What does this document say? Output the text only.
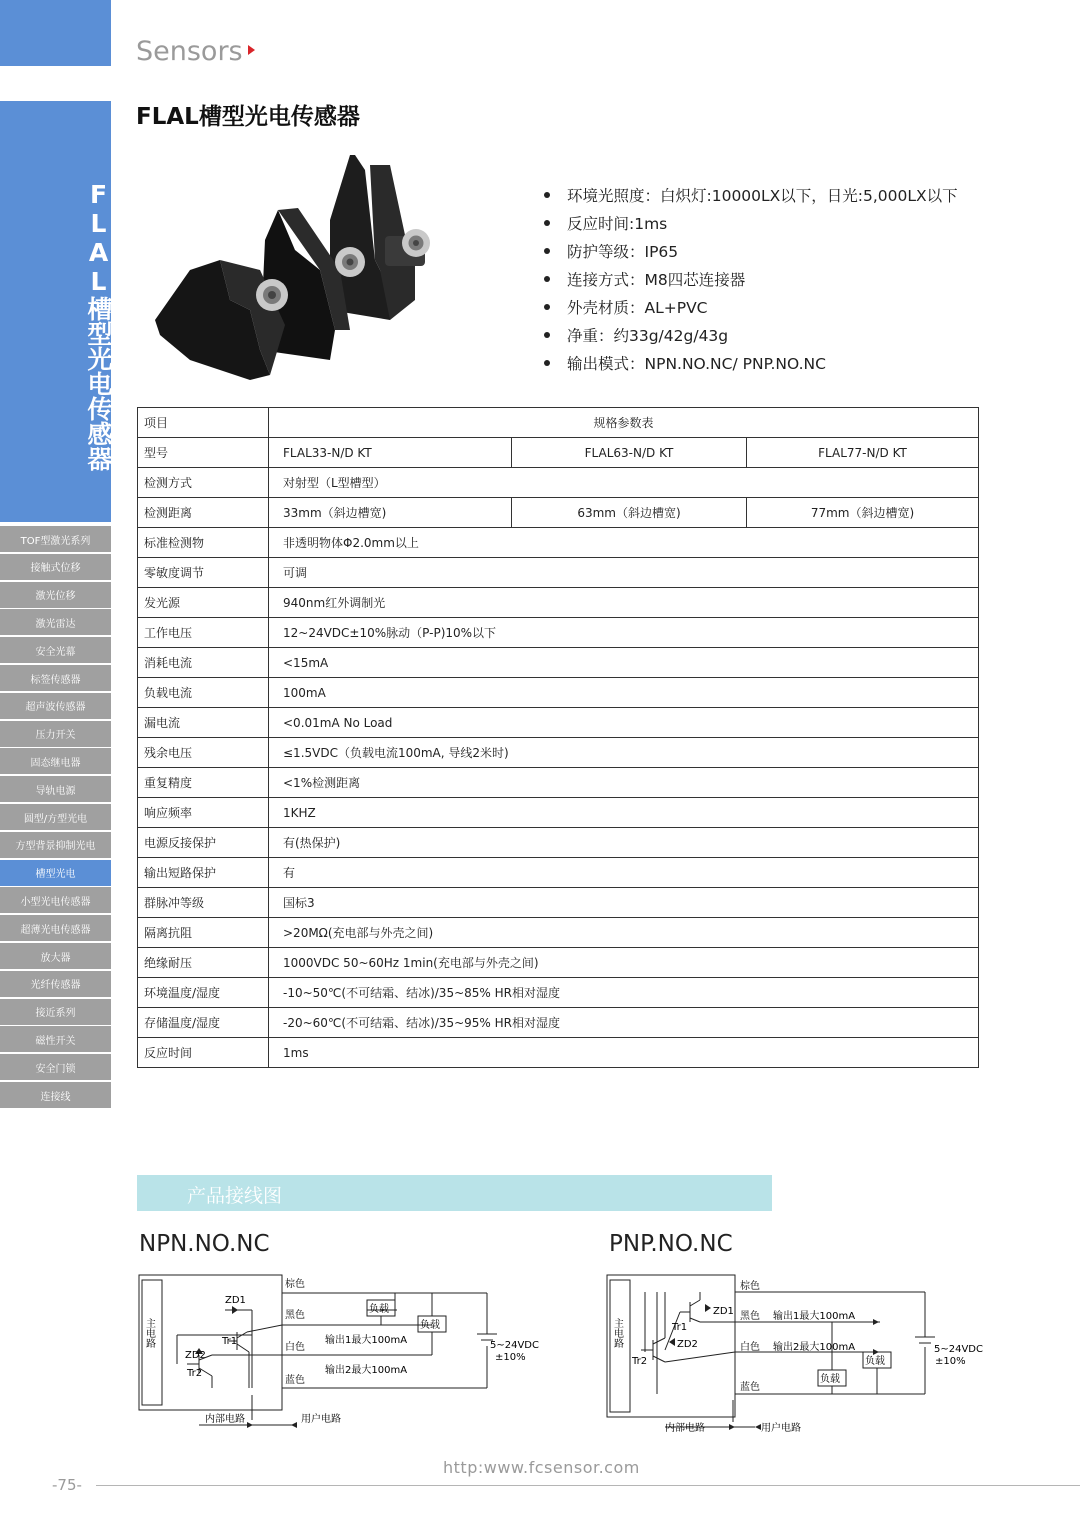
FLAL槽型光电传感器
TOF型激光系列
接触式位移
激光位移
激光雷达
安全光幕
标签传感器
超声波传感器
压力开关
固态继电器
导轨电源
圆型/方型光电
方型背景抑制光电
槽型光电
小型光电传感器
超薄光电传感器
放大器
光纤传感器
接近系列
磁性开关
安全门锁
连接线
Sensors
FLAL槽型光电传感器
环境光照度：白炽灯:10000LX以下，日光:5,000LX以下
反应时间:1ms
防护等级：IP65
连接方式：M8四芯连接器
外壳材质：AL+PVC
净重：约33g/42g/43g
输出模式：NPN.NO.NC/ PNP.NO.NC
项目	规格参数表		
型号	FLAL33-N/D KT	FLAL63-N/D KT	FLAL77-N/D KT
检测方式	对射型（L型槽型）		
检测距离	33mm（斜边槽宽)	63mm（斜边槽宽)	77mm（斜边槽宽)
标准检测物	非透明物体Φ2.0mm以上		
零敏度调节	可调		
发光源	940nm红外调制光		
工作电压	12~24VDC±10%脉动（P-P)10%以下		
消耗电流	<15mA		
负载电流	100mA		
漏电流	<0.01mA No Load		
残余电压	≤1.5VDC（负载电流100mA, 导线2米时)		
重复精度	<1%检测距离		
响应频率	1KHZ		
电源反接保护	有(热保护)		
输出短路保护	有		
群脉冲等级	国标3		
隔离抗阻	>20MΩ(充电部与外壳之间)		
绝缘耐压	1000VDC 50~60Hz 1min(充电部与外壳之间)		
环境温度/湿度	-10~50℃(不可结霜、结冰)/35~85% HR相对湿度		
存储温度/湿度	-20~60℃(不可结霜、结冰)/35~95% HR相对湿度		
反应时间	1ms		
产品接线图
NPN.NO.NC	PNP.NO.NC
主电路
棕色
黑色
白色
蓝色
负载
负载
输出1最大100mA
输出2最大100mA
ZD1
ZD2
Tr1
Tr2
5~24VDC
±10%
内部电路	用户电路
主电路
棕色
黑色
白色
蓝色
输出1最大100mA
输出2最大100mA
负载
负载
ZD1
ZD2
Tr1
Tr2
5~24VDC
±10%
内部电路	用户电路
http:www.fcsensor.com
-75-
